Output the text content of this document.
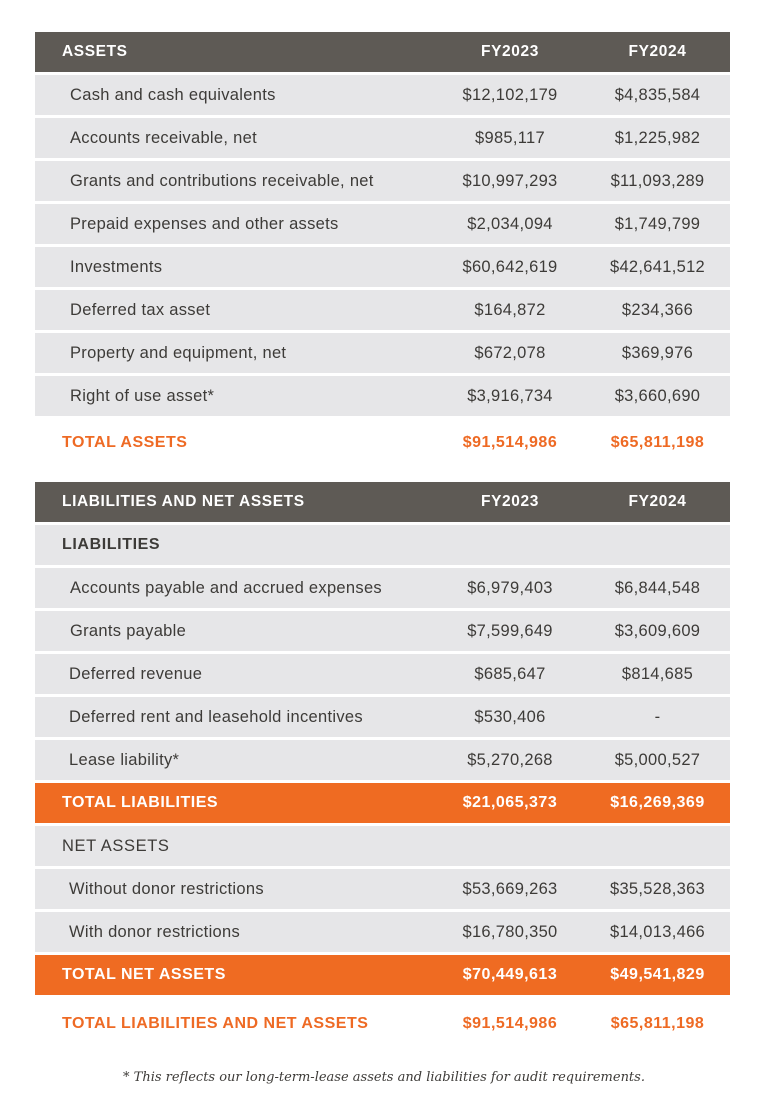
ASSETS	FY2023	FY2024
Cash and cash equivalents	$12,102,179	$4,835,584
Accounts receivable, net	$985,117	$1,225,982
Grants and contributions receivable, net	$10,997,293	$11,093,289
Prepaid expenses and other assets	$2,034,094	$1,749,799
Investments	$60,642,619	$42,641,512
Deferred tax asset	$164,872	$234,366
Property and equipment, net	$672,078	$369,976
Right of use asset*	$3,916,734	$3,660,690
TOTAL ASSETS	$91,514,986	$65,811,198
LIABILITIES AND NET ASSETS	FY2023	FY2024
LIABILITIES
Accounts payable and accrued expenses	$6,979,403	$6,844,548
Grants payable	$7,599,649	$3,609,609
Deferred revenue	$685,647	$814,685
Deferred rent and leasehold incentives	$530,406	-
Lease liability*	$5,270,268	$5,000,527
TOTAL LIABILITIES	$21,065,373	$16,269,369
NET ASSETS
Without donor restrictions	$53,669,263	$35,528,363
With donor restrictions	$16,780,350	$14,013,466
TOTAL NET ASSETS	$70,449,613	$49,541,829
TOTAL LIABILITIES AND NET ASSETS	$91,514,986	$65,811,198

* This reflects our long-term-lease assets and liabilities for audit requirements.
